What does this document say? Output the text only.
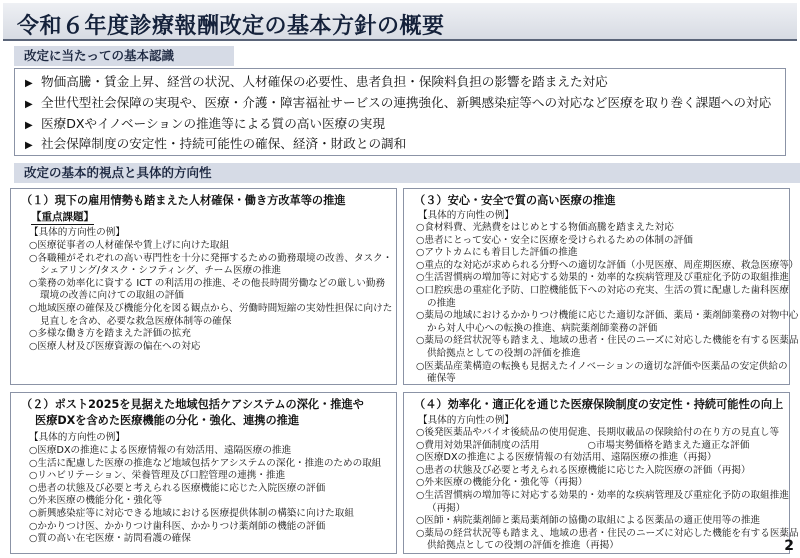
令和６年度診療報酬改定の基本方針の概要
改定に当たっての基本認識
▶ 物価高騰・賃金上昇、経営の状況、人材確保の必要性、患者負担・保険料負担の影響を踏まえた対応
▶ 全世代型社会保障の実現や、医療・介護・障害福祉サービスの連携強化、新興感染症等への対応など医療を取り巻く課題への対応
▶ 医療DXやイノベーションの推進等による質の高い医療の実現
▶ 社会保障制度の安定性・持続可能性の確保、経済・財政との調和
改定の基本的視点と具体的方向性
（１）現下の雇用情勢も踏まえた人材確保・働き方改革等の推進
【重点課題】
【具体的方向性の例】
○医療従事者の人材確保や賃上げに向けた取組
○各職種がそれぞれの高い専門性を十分に発揮するための勤務環境の改善、タスク・
シェアリング/タスク・シフティング、チーム医療の推進
○業務の効率化に資する ICT の利活用の推進、その他長時間労働などの厳しい勤務
環境の改善に向けての取組の評価
○地域医療の確保及び機能分化を図る観点から、労働時間短縮の実効性担保に向けた
見直しを含め、必要な救急医療体制等の確保
○多様な働き方を踏まえた評価の拡充
○医療人材及び医療資源の偏在への対応
（２）ポスト2025を見据えた地域包括ケアシステムの深化・推進や
医療DXを含めた医療機能の分化・強化、連携の推進
【具体的方向性の例】
○医療DXの推進による医療情報の有効活用、遠隔医療の推進
○生活に配慮した医療の推進など地域包括ケアシステムの深化・推進のための取組
○リハビリテーション、栄養管理及び口腔管理の連携・推進
○患者の状態及び必要と考えられる医療機能に応じた入院医療の評価
○外来医療の機能分化・強化等
○新興感染症等に対応できる地域における医療提供体制の構築に向けた取組
○かかりつけ医、かかりつけ歯科医、かかりつけ薬剤師の機能の評価
○質の高い在宅医療・訪問看護の確保
（３）安心・安全で質の高い医療の推進
【具体的方向性の例】
○食材料費、光熱費をはじめとする物価高騰を踏まえた対応
○患者にとって安心・安全に医療を受けられるための体制の評価
○アウトカムにも着目した評価の推進
○重点的な対応が求められる分野への適切な評価（小児医療、周産期医療、救急医療等）
○生活習慣病の増加等に対応する効果的・効率的な疾病管理及び重症化予防の取組推進
○口腔疾患の重症化予防、口腔機能低下への対応の充実、生活の質に配慮した歯科医療
の推進
○薬局の地域におけるかかりつけ機能に応じた適切な評価、薬局・薬剤師業務の対物中心
から対人中心への転換の推進、病院薬剤師業務の評価
○薬局の経営状況等も踏まえ、地域の患者・住民のニーズに対応した機能を有する医薬品
供給拠点としての役割の評価を推進
○医薬品産業構造の転換も見据えたイノベーションの適切な評価や医薬品の安定供給の
確保等
（４）効率化・適正化を通じた医療保険制度の安定性・持続可能性の向上
【具体的方向性の例】
○後発医薬品やバイオ後続品の使用促進、長期収載品の保険給付の在り方の見直し等
○費用対効果評価制度の活用　　　　　○市場実勢価格を踏まえた適正な評価
○医療DXの推進による医療情報の有効活用、遠隔医療の推進（再掲）
○患者の状態及び必要と考えられる医療機能に応じた入院医療の評価（再掲）
○外来医療の機能分化・強化等（再掲）
○生活習慣病の増加等に対応する効果的・効率的な疾病管理及び重症化予防の取組推進
（再掲）
○医師・病院薬剤師と薬局薬剤師の協働の取組による医薬品の適正使用等の推進
○薬局の経営状況等も踏まえ、地域の患者・住民のニーズに対応した機能を有する医薬品
供給拠点としての役割の評価を推進（再掲）	2
